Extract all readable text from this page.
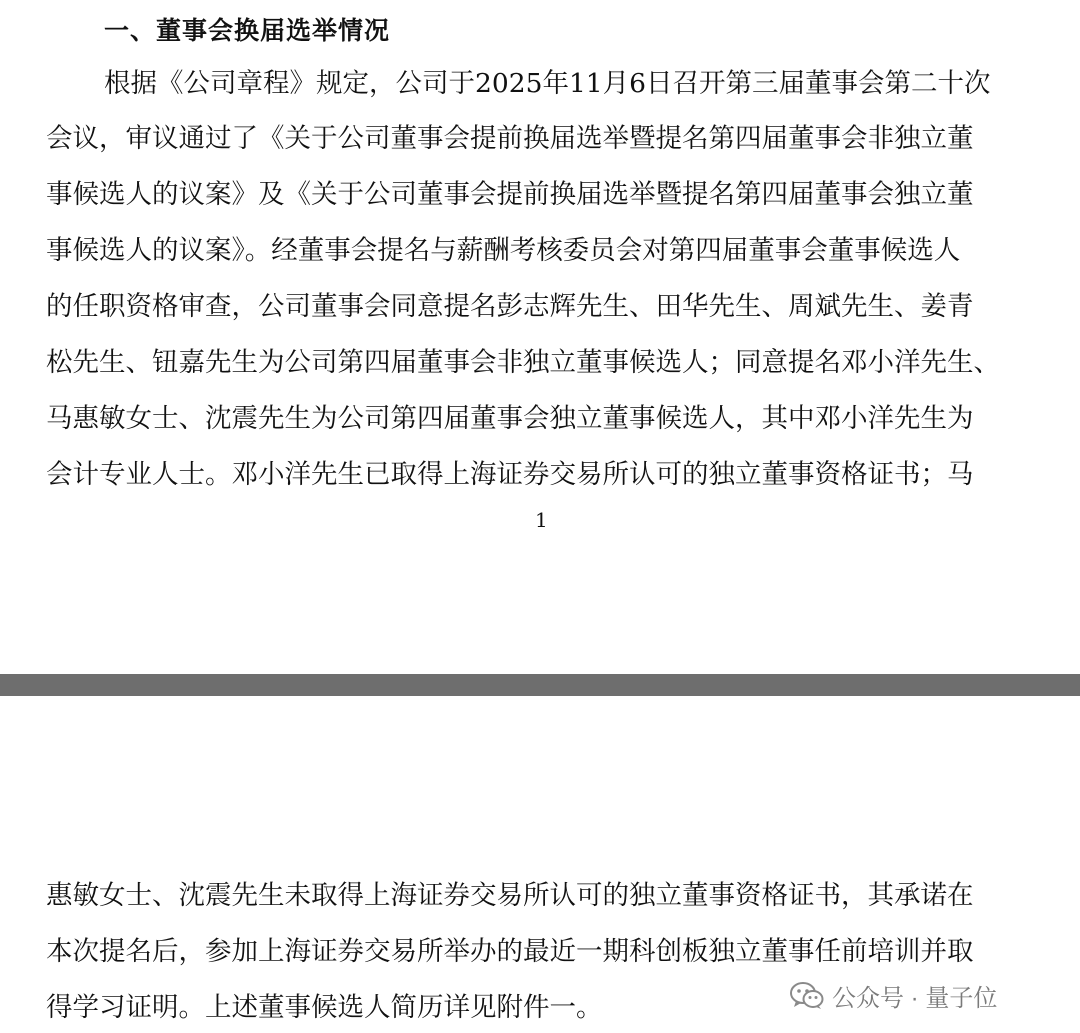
一、董事会换届选举情况
根据《公司章程》规定，公司于2025年11月6日召开第三届董事会第二十次
会议，审议通过了《关于公司董事会提前换届选举暨提名第四届董事会非独立董
事候选人的议案》及《关于公司董事会提前换届选举暨提名第四届董事会独立董
事候选人的议案》。经董事会提名与薪酬考核委员会对第四届董事会董事候选人
的任职资格审查，公司董事会同意提名彭志辉先生、田华先生、周斌先生、姜青
松先生、钮嘉先生为公司第四届董事会非独立董事候选人；同意提名邓小洋先生、
马惠敏女士、沈震先生为公司第四届董事会独立董事候选人，其中邓小洋先生为
会计专业人士。邓小洋先生已取得上海证券交易所认可的独立董事资格证书；马
1
惠敏女士、沈震先生未取得上海证券交易所认可的独立董事资格证书，其承诺在
本次提名后，参加上海证券交易所举办的最近一期科创板独立董事任前培训并取
得学习证明。上述董事候选人简历详见附件一。	公众号 · 量子位
